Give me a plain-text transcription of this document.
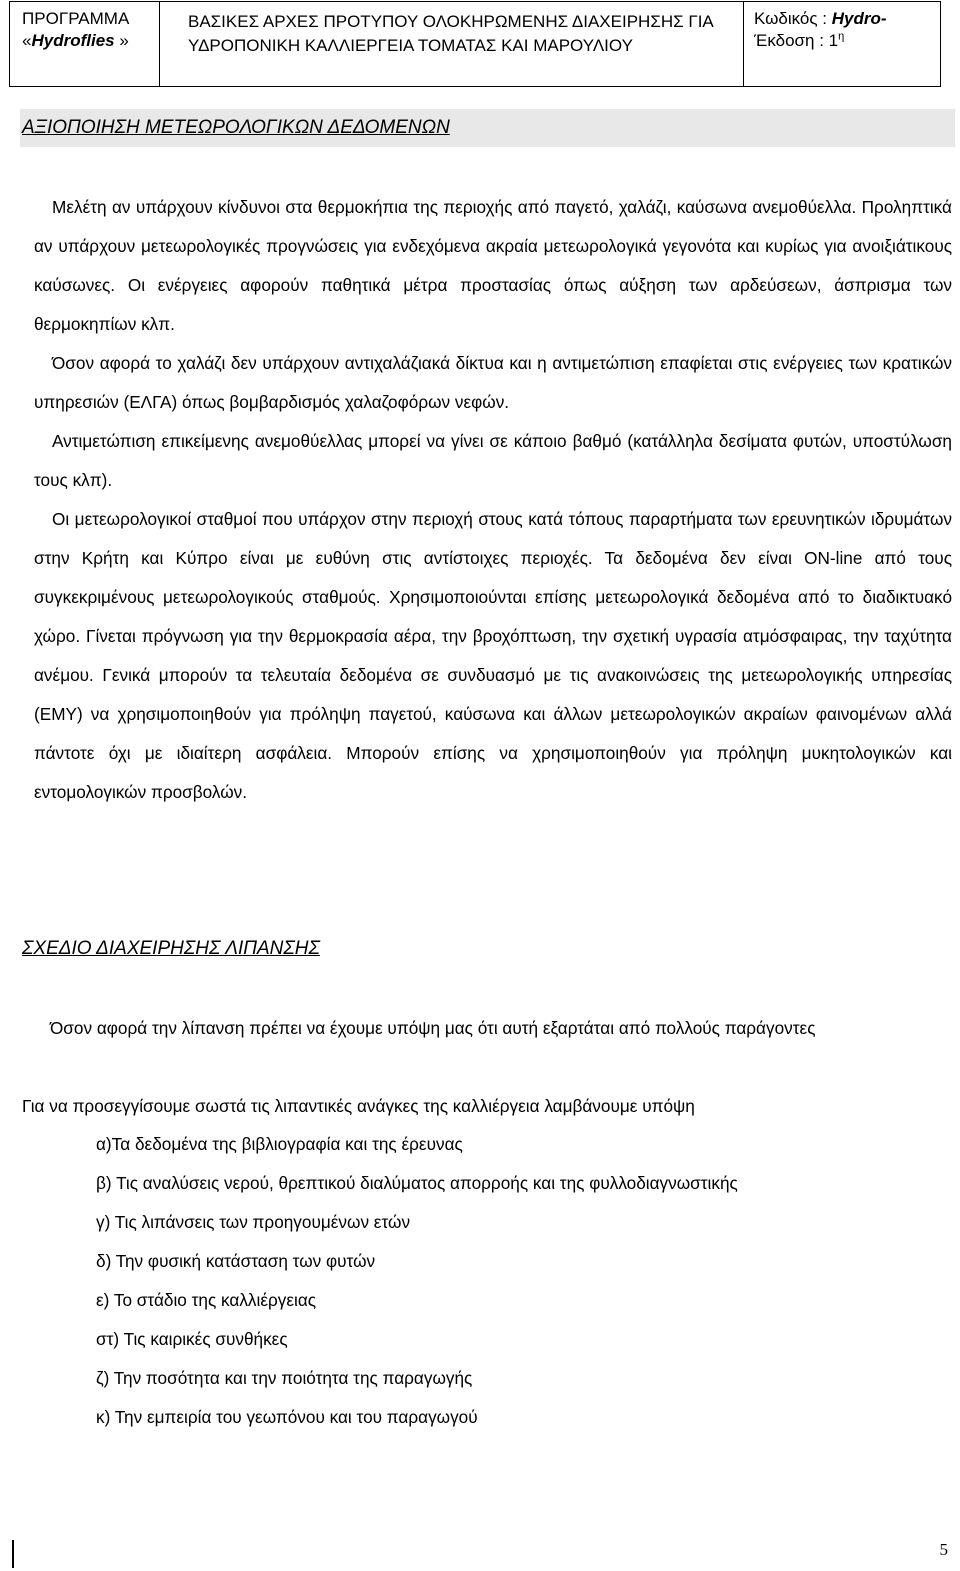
ΠΡΟΓΡΑΜΜΑ
«Hydroflies »
ΒΑΣΙΚΕΣ ΑΡΧΕΣ ΠΡΟΤΥΠΟΥ ΟΛΟΚΗΡΩΜΕΝΗΣ ΔΙΑΧΕΙΡΗΣΗΣ ΓΙΑ
ΥΔΡΟΠΟΝΙΚΗ ΚΑΛΛΙΕΡΓΕΙΑ ΤΟΜΑΤΑΣ ΚΑΙ ΜΑΡΟΥΛΙΟΥ
Κωδικός : Hydro-
Έκδοση : $1^\eta$
ΑΞΙΟΠΟΙΗΣΗ ΜΕΤΕΩΡΟΛΟΓΙΚΩΝ ΔΕΔΟΜΕΝΩΝ
Μελέτη αν υπάρχουν κίνδυνοι στα θερμοκήπια της περιοχής από παγετό, χαλάζι, καύσωνα ανεμοθύελλα. Προληπτικά αν υπάρχουν μετεωρολογικές προγνώσεις για ενδεχόμενα ακραία μετεωρολογικά γεγονότα και κυρίως για ανοιξιάτικους καύσωνες. Οι ενέργειες αφορούν παθητικά μέτρα προστασίας όπως αύξηση των αρδεύσεων, άσπρισμα των θερμοκηπίων κλπ.
Όσον αφορά το χαλάζι δεν υπάρχουν αντιχαλάζιακά δίκτυα και η αντιμετώπιση επαφίεται στις ενέργειες των κρατικών υπηρεσιών (ΕΛΓΑ) όπως βομβαρδισμός χαλαζοφόρων νεφών.
Αντιμετώπιση επικείμενης ανεμοθύελλας μπορεί να γίνει σε κάποιο βαθμό (κατάλληλα δεσίματα φυτών, υποστύλωση τους κλπ).
Οι μετεωρολογικοί σταθμοί που υπάρχον στην περιοχή στους κατά τόπους παραρτήματα των ερευνητικών ιδρυμάτων στην Κρήτη και Κύπρο είναι με ευθύνη στις αντίστοιχες περιοχές. Τα δεδομένα δεν είναι ON-line από τους συγκεκριμένους μετεωρολογικούς σταθμούς. Χρησιμοποιούνται επίσης μετεωρολογικά δεδομένα από το διαδικτυακό χώρο. Γίνεται πρόγνωση για την θερμοκρασία αέρα, την βροχόπτωση, την σχετική υγρασία ατμόσφαιρας, την ταχύτητα ανέμου. Γενικά μπορούν τα τελευταία δεδομένα σε συνδυασμό με τις ανακοινώσεις της μετεωρολογικής υπηρεσίας (ΕΜΥ) να χρησιμοποιηθούν για πρόληψη παγετού, καύσωνα και άλλων μετεωρολογικών ακραίων φαινομένων αλλά πάντοτε όχι με ιδιαίτερη ασφάλεια. Μπορούν επίσης να χρησιμοποιηθούν για πρόληψη μυκητολογικών και εντομολογικών προσβολών.
ΣΧΕΔΙΟ ΔΙΑΧΕΙΡΗΣΗΣ ΛΙΠΑΝΣΗΣ
Όσον αφορά την λίπανση πρέπει να έχουμε υπόψη μας ότι αυτή εξαρτάται από πολλούς παράγοντες
Για να προσεγγίσουμε σωστά τις λιπαντικές ανάγκες της καλλιέργεια λαμβάνουμε υπόψη
α)Τα δεδομένα της βιβλιογραφία και της έρευνας
β) Τις αναλύσεις νερού, θρεπτικού διαλύματος απορροής και της φυλλοδιαγνωστικής
γ) Τις λιπάνσεις των προηγουμένων ετών
δ) Την φυσική κατάσταση των φυτών
ε) Το στάδιο της καλλιέργειας
στ) Τις καιρικές συνθήκες
ζ) Την ποσότητα και την ποιότητα της παραγωγής
κ) Την εμπειρία του γεωπόνου και του παραγωγού
5
